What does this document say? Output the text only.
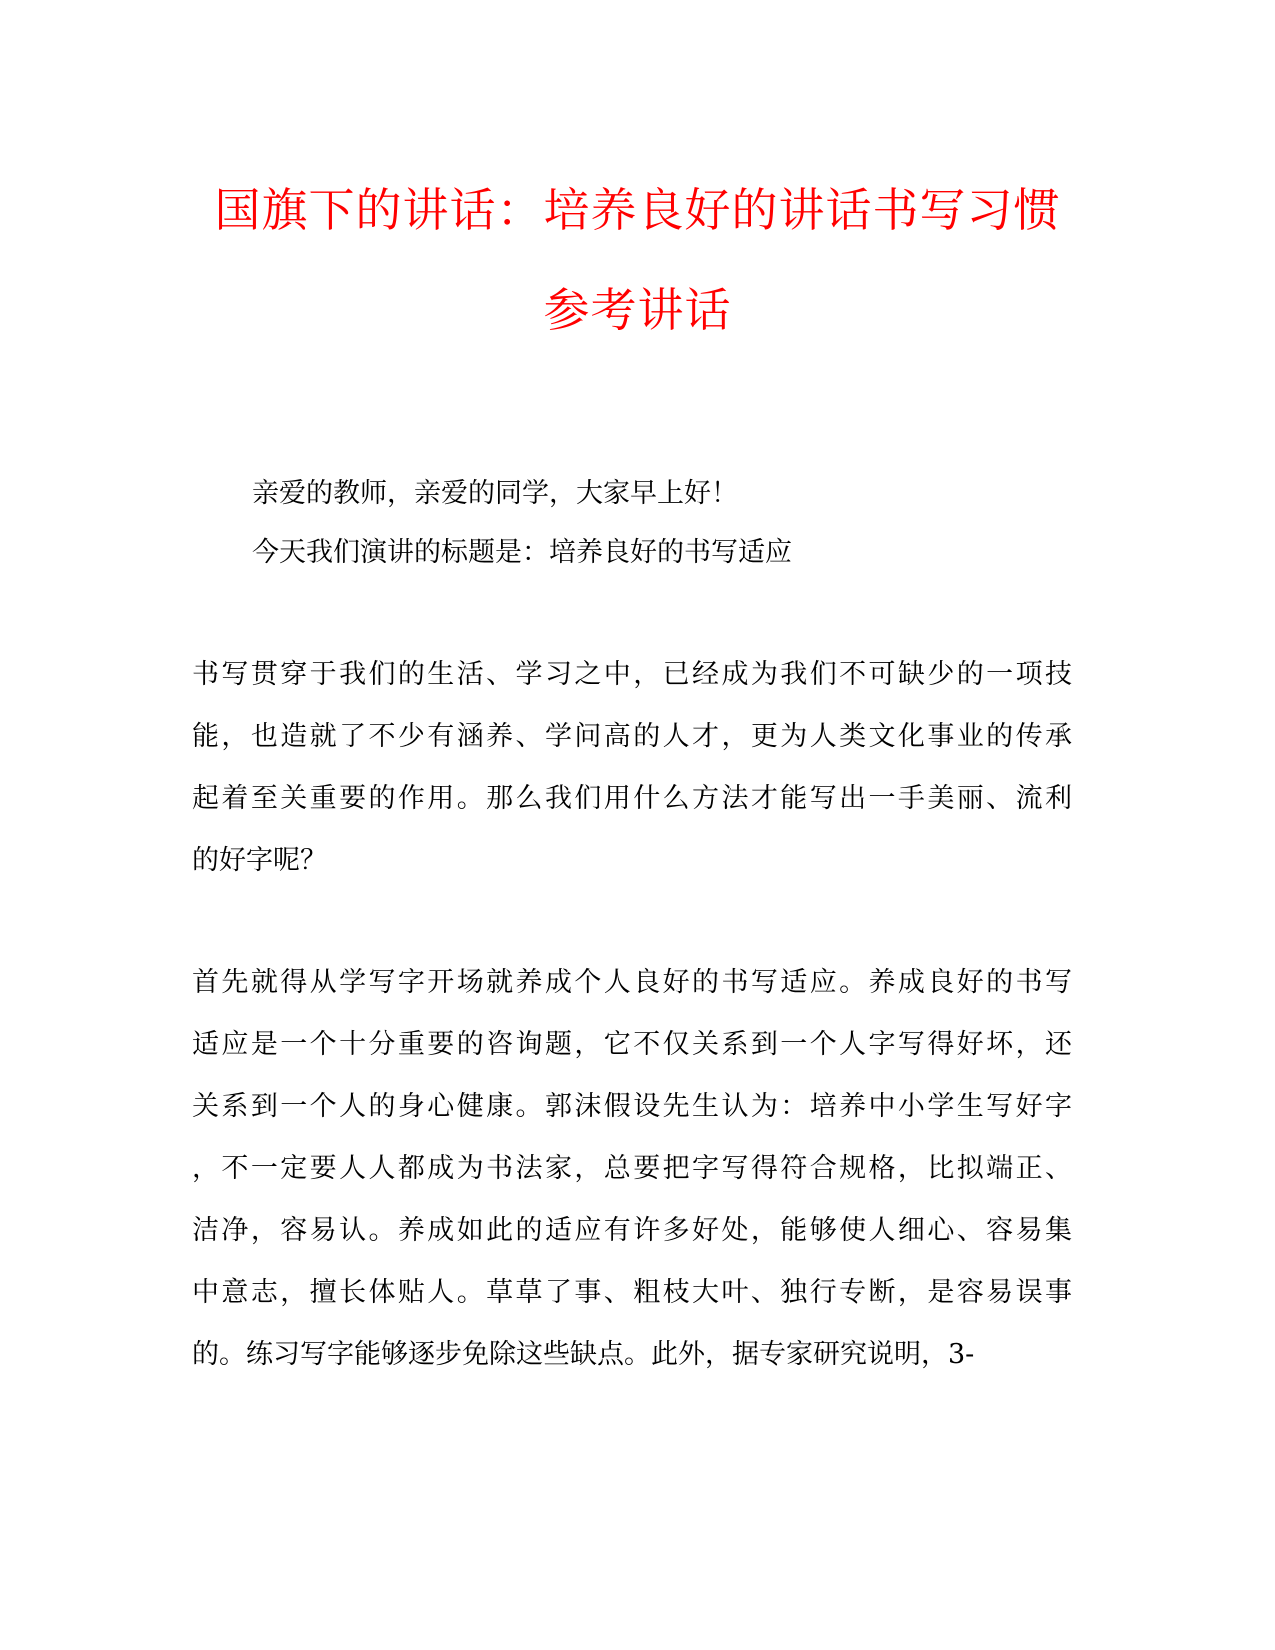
国旗下的讲话：培养良好的讲话书写习惯
参考讲话
亲爱的教师，亲爱的同学，大家早上好！
今天我们演讲的标题是：培养良好的书写适应
书写贯穿于我们的生活、学习之中，已经成为我们不可缺少的一项技
能，也造就了不少有涵养、学问高的人才，更为人类文化事业的传承
起着至关重要的作用。那么我们用什么方法才能写出一手美丽、流利
的好字呢？
首先就得从学写字开场就养成个人良好的书写适应。养成良好的书写
适应是一个十分重要的咨询题，它不仅关系到一个人字写得好坏，还
关系到一个人的身心健康。郭沫假设先生认为：培养中小学生写好字
，不一定要人人都成为书法家，总要把字写得符合规格，比拟端正、
洁净，容易认。养成如此的适应有许多好处，能够使人细心、容易集
中意志，擅长体贴人。草草了事、粗枝大叶、独行专断，是容易误事
的。练习写字能够逐步免除这些缺点。此外，据专家研究说明，3-
